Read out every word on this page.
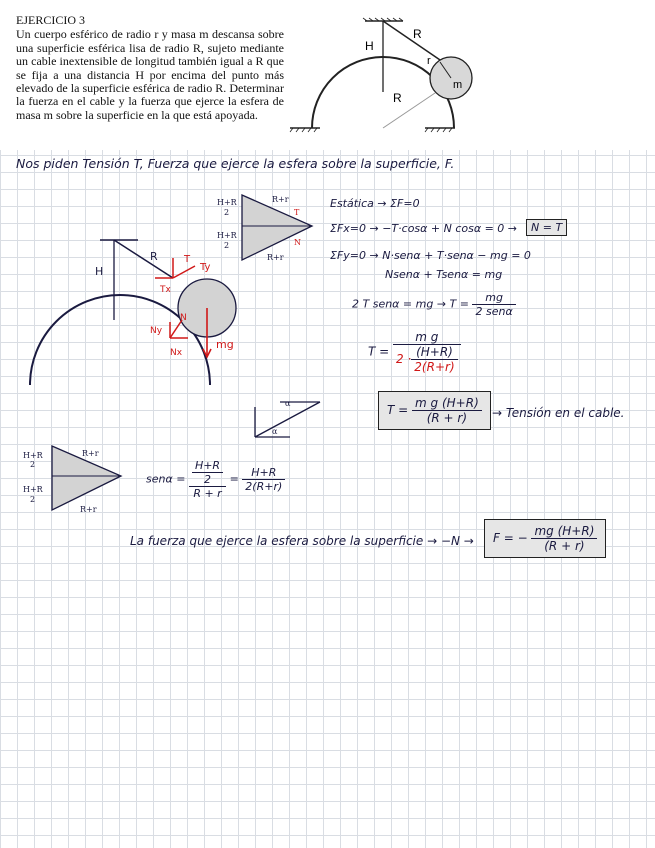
EJERCICIO 3
Un cuerpo esférico de radio r y masa m descansa sobre una superficie esférica lisa de radio R, sujeto mediante un cable inextensible de longitud también igual a R que se fija a una distancia H por encima del punto más elevado de la superficie esférica de radio R. Determinar la fuerza en el cable y la fuerza que ejerce la esfera de masa m sobre la superficie en la que está apoyada.
H
R
r
m
R
Nos piden Tensión T, Fuerza que ejerce la esfera sobre la superficie, F.
H
R	T
Ty
Tx
Ny
N
Nx
mg
H+R
2
H+R
2
R+r
R+r
T
N
Estática → ΣF=0
ΣFx=0 → −T·cosα + N cosα = 0 →	N = T
ΣFy=0 → N·senα + T·senα − mg = 0
Nsenα + Tsenα = mg
2 T senα = mg → $T = \frac{mg}{\text{2 senα}}$
$T = \frac{\text{m g}}{2 \cdot \frac{(H+R)}{2(R+r)}}$
α
α
$T = \frac{\text{m g (H+R)}}{(R + r)}$ → Tensión en el cable.
H+R
2
H+R
2
R+r
R+r
$sen\alpha = \frac{\frac{H+R}{2}}{R + r} = \frac{H+R}{2(R+r)}$
La fuerza que ejerce la esfera sobre la superficie → −N →	F = − $\frac{mg (H+R)}{(R + r)}$
